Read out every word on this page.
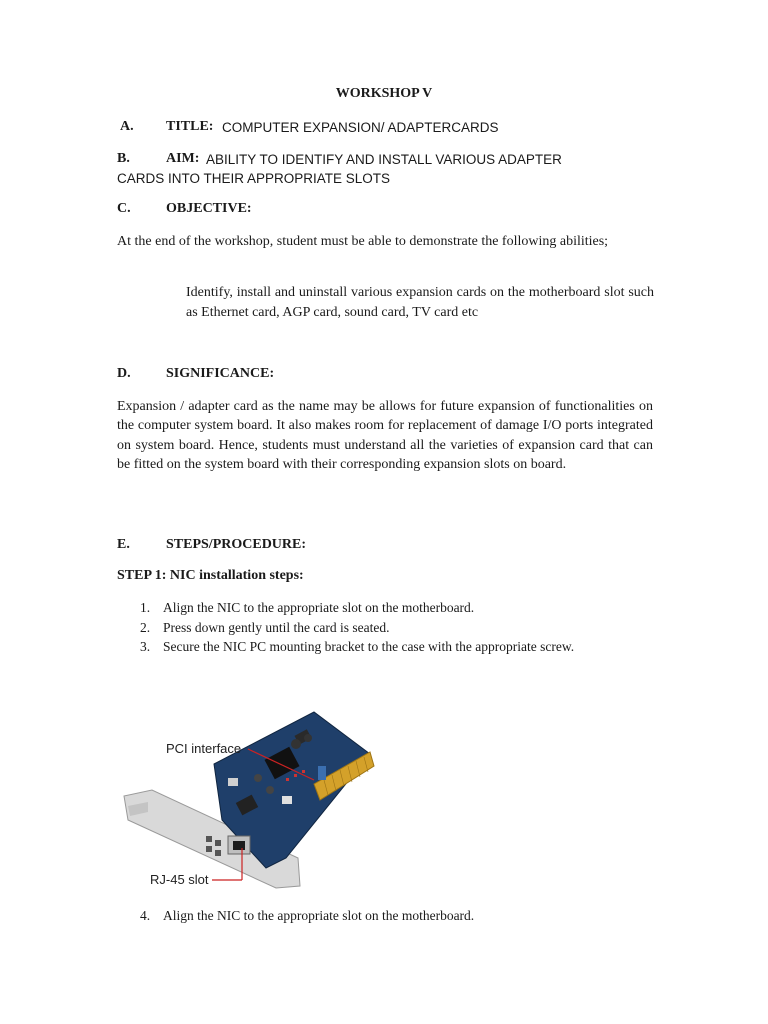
WORKSHOP V
A. TITLE: COMPUTER EXPANSION/ ADAPTERCARDS
B.	AIM: ABILITY TO IDENTIFY AND INSTALL VARIOUS ADAPTER
CARDS INTO THEIR APPROPRIATE SLOTS
C.	OBJECTIVE:
At the end of the workshop, student must be able to demonstrate the following abilities;
Identify, install and uninstall various expansion cards on the motherboard slot such as Ethernet card, AGP card, sound card, TV card etc
D.	SIGNIFICANCE:
Expansion / adapter card as the name may be allows for future expansion of functionalities on the computer system board. It also makes room for replacement of damage I/O ports integrated on system board. Hence, students must understand all the varieties of expansion card that can be fitted on the system board with their corresponding expansion slots on board.
E.	STEPS/PROCEDURE:
STEP 1: NIC installation steps:
1. Align the NIC to the appropriate slot on the motherboard.
2. Press down gently until the card is seated.
3. Secure the NIC PC mounting bracket to the case with the appropriate screw.
PCI interface
RJ-45 slot
4. Align the NIC to the appropriate slot on the motherboard.
